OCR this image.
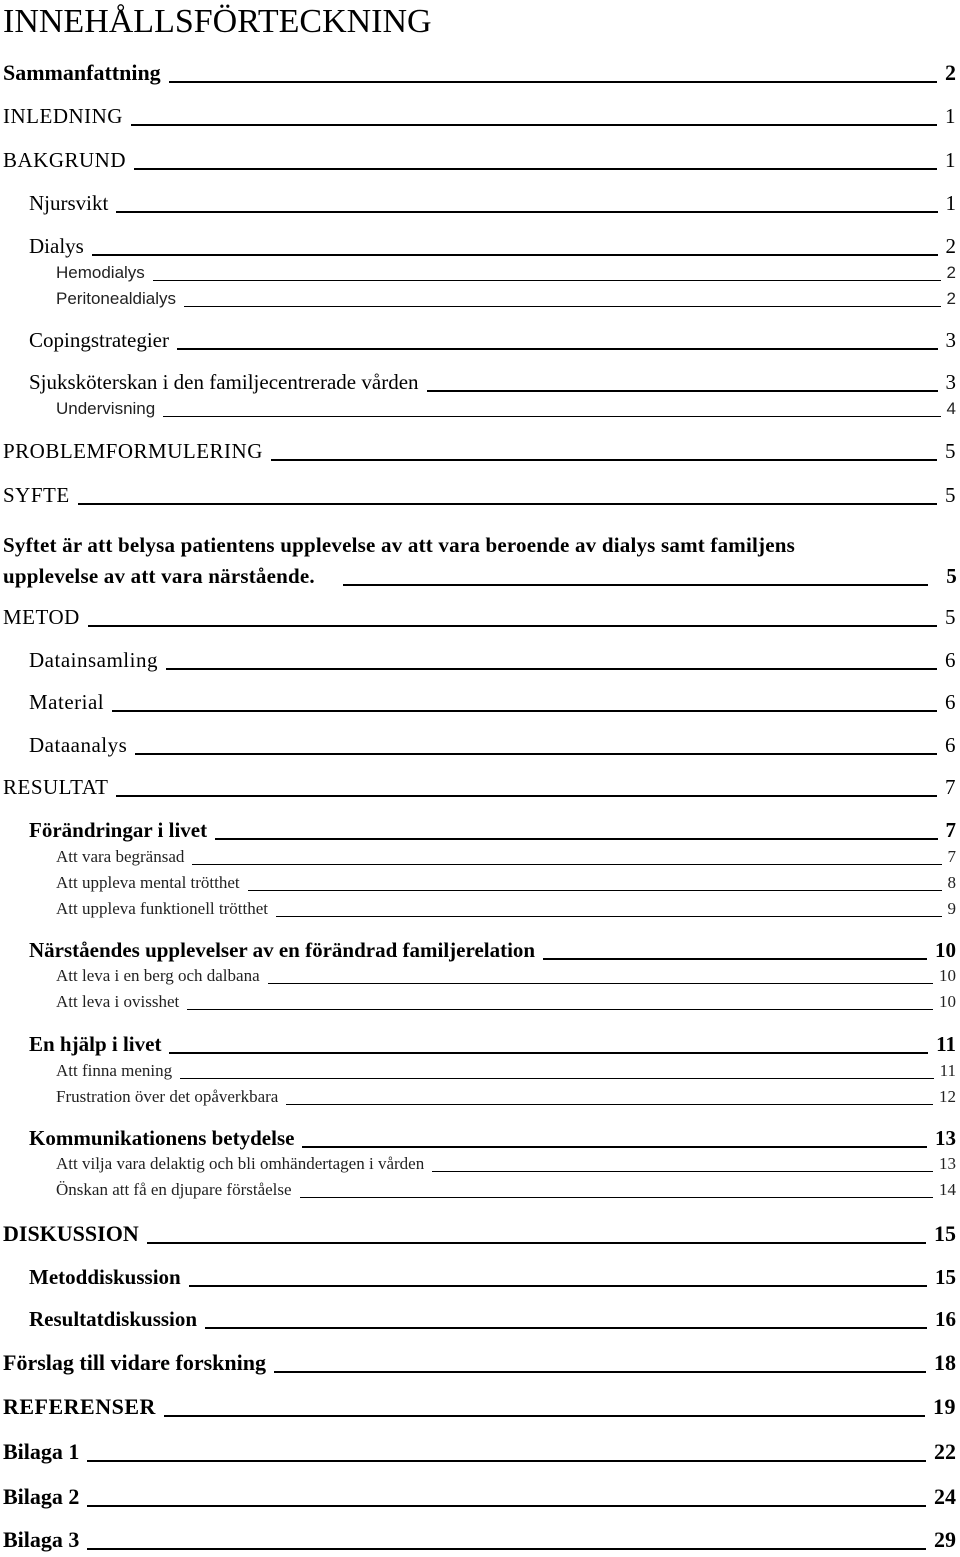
INNEHÅLLSFÖRTECKNING
Sammanfattning	2
INLEDNING	1
BAKGRUND	1
Njursvikt	1
Dialys	2
Hemodialys	2
Peritonealdialys	2
Copingstrategier	3
Sjuksköterskan i den familjecentrerade vården	3
Undervisning	4
PROBLEMFORMULERING	5
SYFTE	5
Syftet är att belysa patientens upplevelse av att vara beroende av dialys samt familjens
upplevelse av att vara närstående.	5
METOD	5
Datainsamling	6
Material	6
Dataanalys	6
RESULTAT	7
Förändringar i livet	7
Att vara begränsad	7
Att uppleva mental trötthet	8
Att uppleva funktionell trötthet	9
Närståendes upplevelser av en förändrad familjerelation	10
Att leva i en berg och dalbana	10
Att leva i ovisshet	10
En hjälp i livet	11
Att finna mening	11
Frustration över det opåverkbara	12
Kommunikationens betydelse	13
Att vilja vara delaktig och bli omhändertagen i vården	13
Önskan att få en djupare förståelse	14
DISKUSSION	15
Metoddiskussion	15
Resultatdiskussion	16
Förslag till vidare forskning	18
REFERENSER	19
Bilaga 1	22
Bilaga 2	24
Bilaga 3	29
